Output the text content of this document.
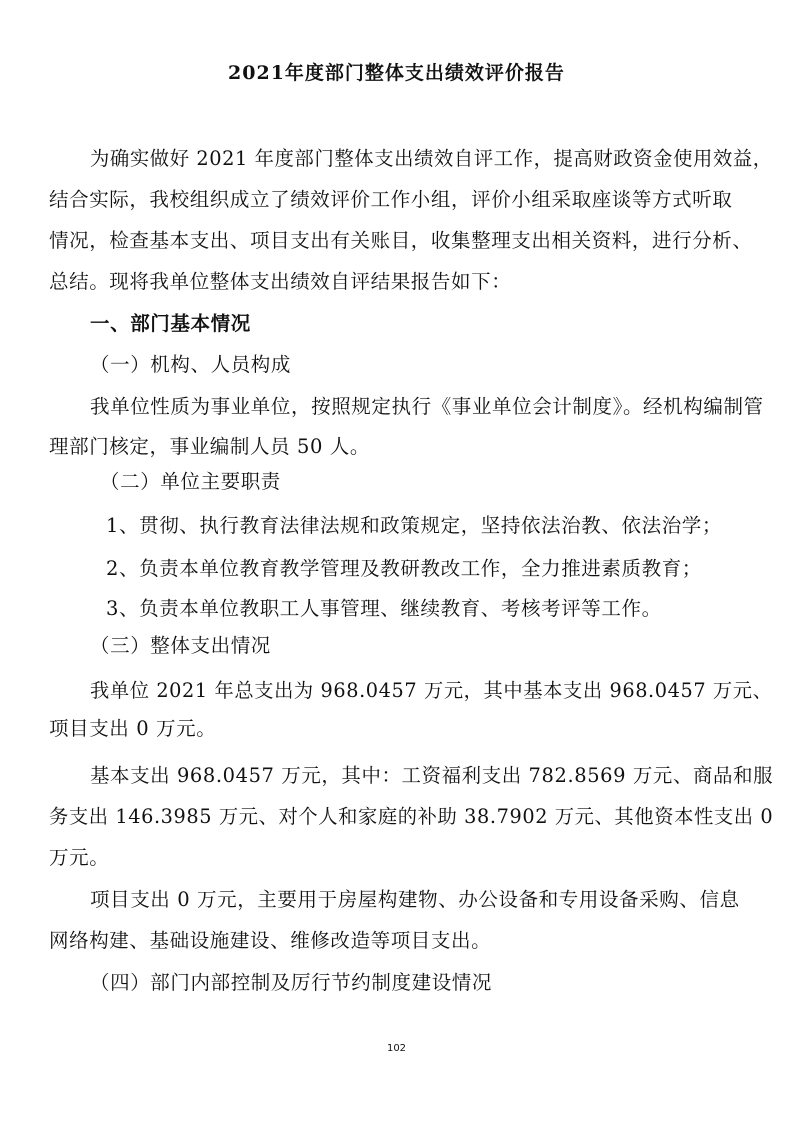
2021年度部门整体支出绩效评价报告
为确实做好 2021 年度部门整体支出绩效自评工作，提高财政资金使用效益，
结合实际，我校组织成立了绩效评价工作小组，评价小组采取座谈等方式听取
情况，检查基本支出、项目支出有关账目，收集整理支出相关资料，进行分析、
总结。现将我单位整体支出绩效自评结果报告如下：
一、部门基本情况
（一）机构、人员构成
我单位性质为事业单位，按照规定执行《事业单位会计制度》。经机构编制管
理部门核定，事业编制人员 50 人。
（二）单位主要职责
1、贯彻、执行教育法律法规和政策规定，坚持依法治教、依法治学；
2、负责本单位教育教学管理及教研教改工作，全力推进素质教育；
3、负责本单位教职工人事管理、继续教育、考核考评等工作。
（三）整体支出情况
我单位 2021 年总支出为 968.0457 万元，其中基本支出 968.0457 万元、
项目支出 0 万元。
基本支出 968.0457 万元，其中：工资福利支出 782.8569 万元、商品和服
务支出 146.3985 万元、对个人和家庭的补助 38.7902 万元、其他资本性支出 0
万元。
项目支出 0 万元，主要用于房屋构建物、办公设备和专用设备采购、信息
网络构建、基础设施建设、维修改造等项目支出。
（四）部门内部控制及厉行节约制度建设情况
102
